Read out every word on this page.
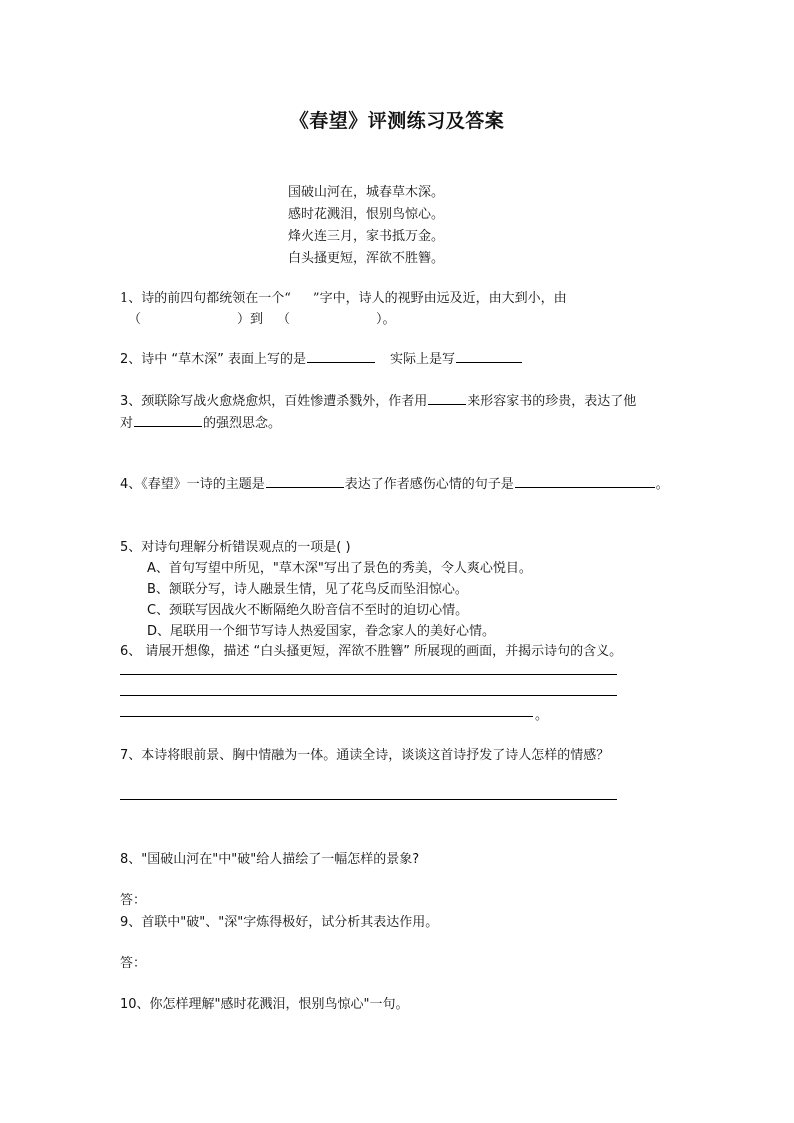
《春望》评测练习及答案
国破山河在，城春草木深。
感时花溅泪，恨别鸟惊心。
烽火连三月，家书抵万金。
白头搔更短，浑欲不胜簪。
1、诗的前四句都统领在一个“ ”字中，诗人的视野由远及近，由大到小，由
（	）到 （	）。
2、诗中 “草木深” 表面上写的是	实际上是写
3、颈联除写战火愈烧愈炽，百姓惨遭杀戮外，作者用	来形容家书的珍贵，表达了他
对	的强烈思念。
4、《春望》一诗的主题是	表达了作者感伤心情的句子是	。
5、对诗句理解分析错误观点的一项是( )
A、首句写望中所见，"草木深"写出了景色的秀美，令人爽心悦目。
B、颔联分写，诗人融景生情，见了花鸟反而坠泪惊心。
C、颈联写因战火不断隔绝久盼音信不至时的迫切心情。
D、尾联用一个细节写诗人热爱国家，眷念家人的美好心情。
6、 请展开想像，描述 “白头搔更短，浑欲不胜簪” 所展现的画面，并揭示诗句的含义。
。
7、本诗将眼前景、胸中情融为一体。通读全诗，谈谈这首诗抒发了诗人怎样的情感？
8、"国破山河在"中"破"给人描绘了一幅怎样的景象?
答：
9、首联中"破"、"深"字炼得极好，试分析其表达作用。
答：
10、你怎样理解"感时花溅泪，恨别鸟惊心"一句。
